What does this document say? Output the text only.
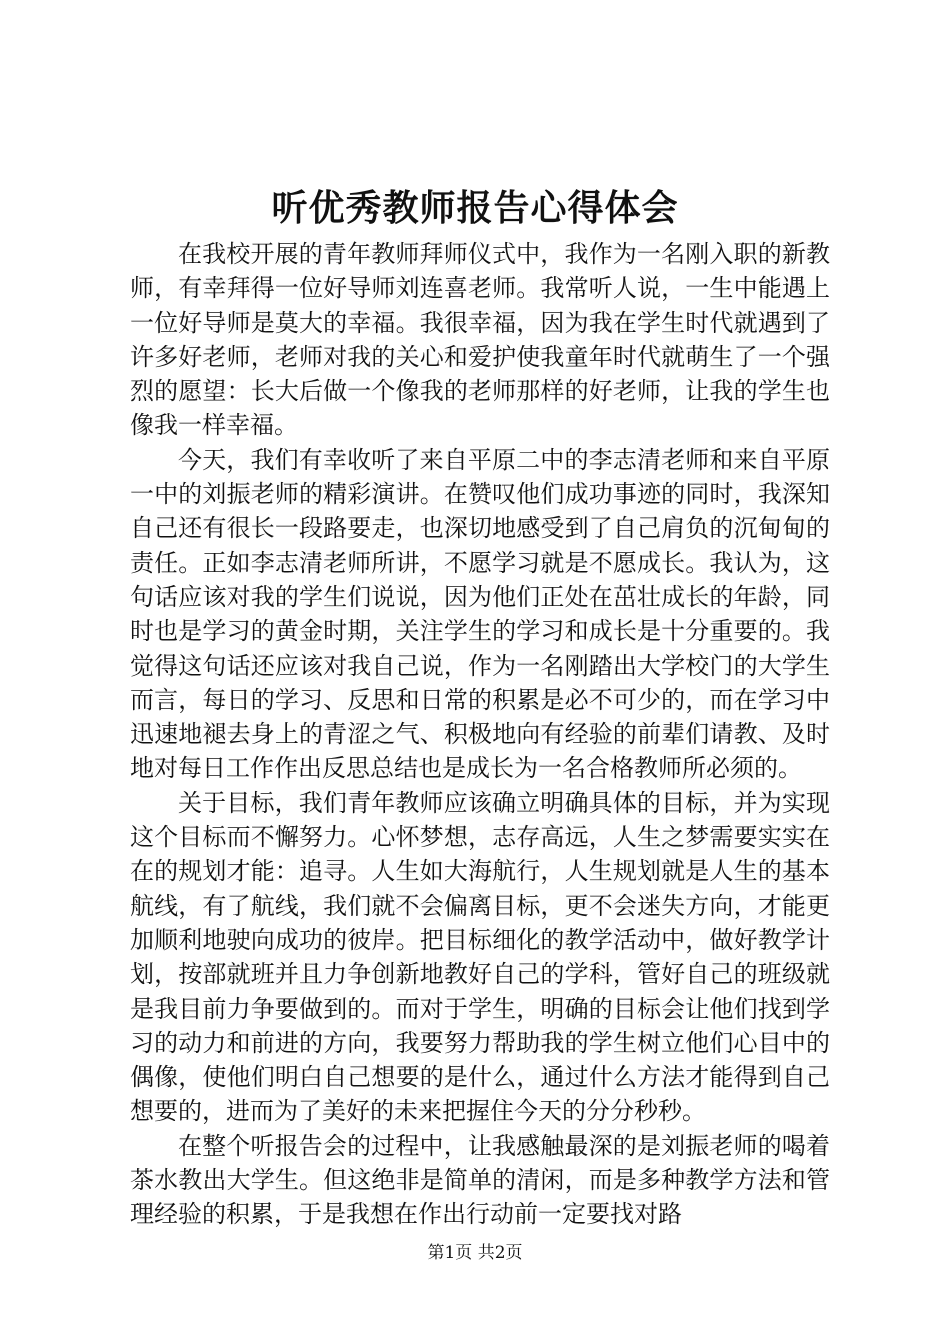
听优秀教师报告心得体会

在我校开展的青年教师拜师仪式中，我作为一名刚入职的新教师，有幸拜得一位好导师刘连喜老师。我常听人说，一生中能遇上一位好导师是莫大的幸福。我很幸福，因为我在学生时代就遇到了许多好老师，老师对我的关心和爱护使我童年时代就萌生了一个强烈的愿望：长大后做一个像我的老师那样的好老师，让我的学生也像我一样幸福。

今天，我们有幸收听了来自平原二中的李志清老师和来自平原一中的刘振老师的精彩演讲。在赞叹他们成功事迹的同时，我深知自己还有很长一段路要走，也深切地感受到了自己肩负的沉甸甸的责任。正如李志清老师所讲，不愿学习就是不愿成长。我认为，这句话应该对我的学生们说说，因为他们正处在茁壮成长的年龄，同时也是学习的黄金时期，关注学生的学习和成长是十分重要的。我觉得这句话还应该对我自己说，作为一名刚踏出大学校门的大学生而言，每日的学习、反思和日常的积累是必不可少的，而在学习中迅速地褪去身上的青涩之气、积极地向有经验的前辈们请教、及时地对每日工作作出反思总结也是成长为一名合格教师所必须的。

关于目标，我们青年教师应该确立明确具体的目标，并为实现这个目标而不懈努力。心怀梦想，志存高远，人生之梦需要实实在在的规划才能：追寻。人生如大海航行，人生规划就是人生的基本航线，有了航线，我们就不会偏离目标，更不会迷失方向，才能更加顺利地驶向成功的彼岸。把目标细化的教学活动中，做好教学计划，按部就班并且力争创新地教好自己的学科，管好自己的班级就是我目前力争要做到的。而对于学生，明确的目标会让他们找到学习的动力和前进的方向，我要努力帮助我的学生树立他们心目中的偶像，使他们明白自己想要的是什么，通过什么方法才能得到自己想要的，进而为了美好的未来把握住今天的分分秒秒。

在整个听报告会的过程中，让我感触最深的是刘振老师的喝着茶水教出大学生。但这绝非是简单的清闲，而是多种教学方法和管理经验的积累，于是我想在作出行动前一定要找对路

第1页 共2页
